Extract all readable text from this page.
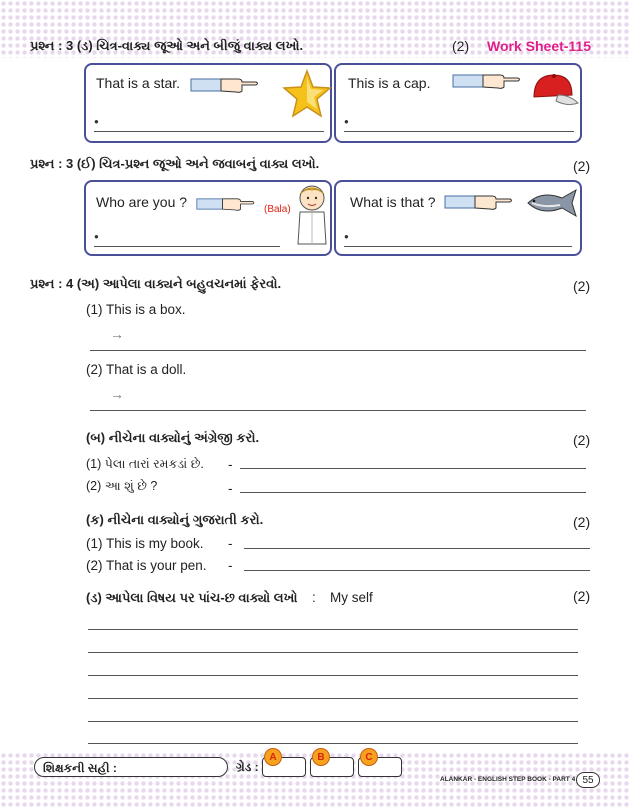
પ્રશ્ન : 3 (ડ) ચિત્ર-વાક્ય જૂઓ અને બીજું વાક્ય લખો.	(2) Work Sheet-115
That is a star.
●
This is a cap.
●
પ્રશ્ન : 3 (ઈ) ચિત્ર-પ્રશ્ન જૂઓ અને જવાબનું વાક્ય લખો.	(2)
Who are you ?	(Bala)
●
What is that ?
●
પ્રશ્ન : 4 (અ) આપેલા વાક્યને બહુવચનમાં ફેરવો.	(2)
(1) This is a box.
→
(2) That is a doll.
→
(બ) નીચેના વાક્યોનું અંગ્રેજી કરો.	(2)
(1) પેલા તારાં રમકડાં છે. -
(2) આ શું છે ?	-
(ક) નીચેના વાક્યોનું ગુજરાતી કરો.	(2)
(1) This is my book. -
(2) That is your pen. -
(ડ) આપેલા વિષય પર પાંચ-છ વાક્યો લખો : My self	(2)
શિક્ષકની સહી :	ગ્રેડ :
A	B	C
ALANKAR - ENGLISH STEP BOOK - PART 4 55
